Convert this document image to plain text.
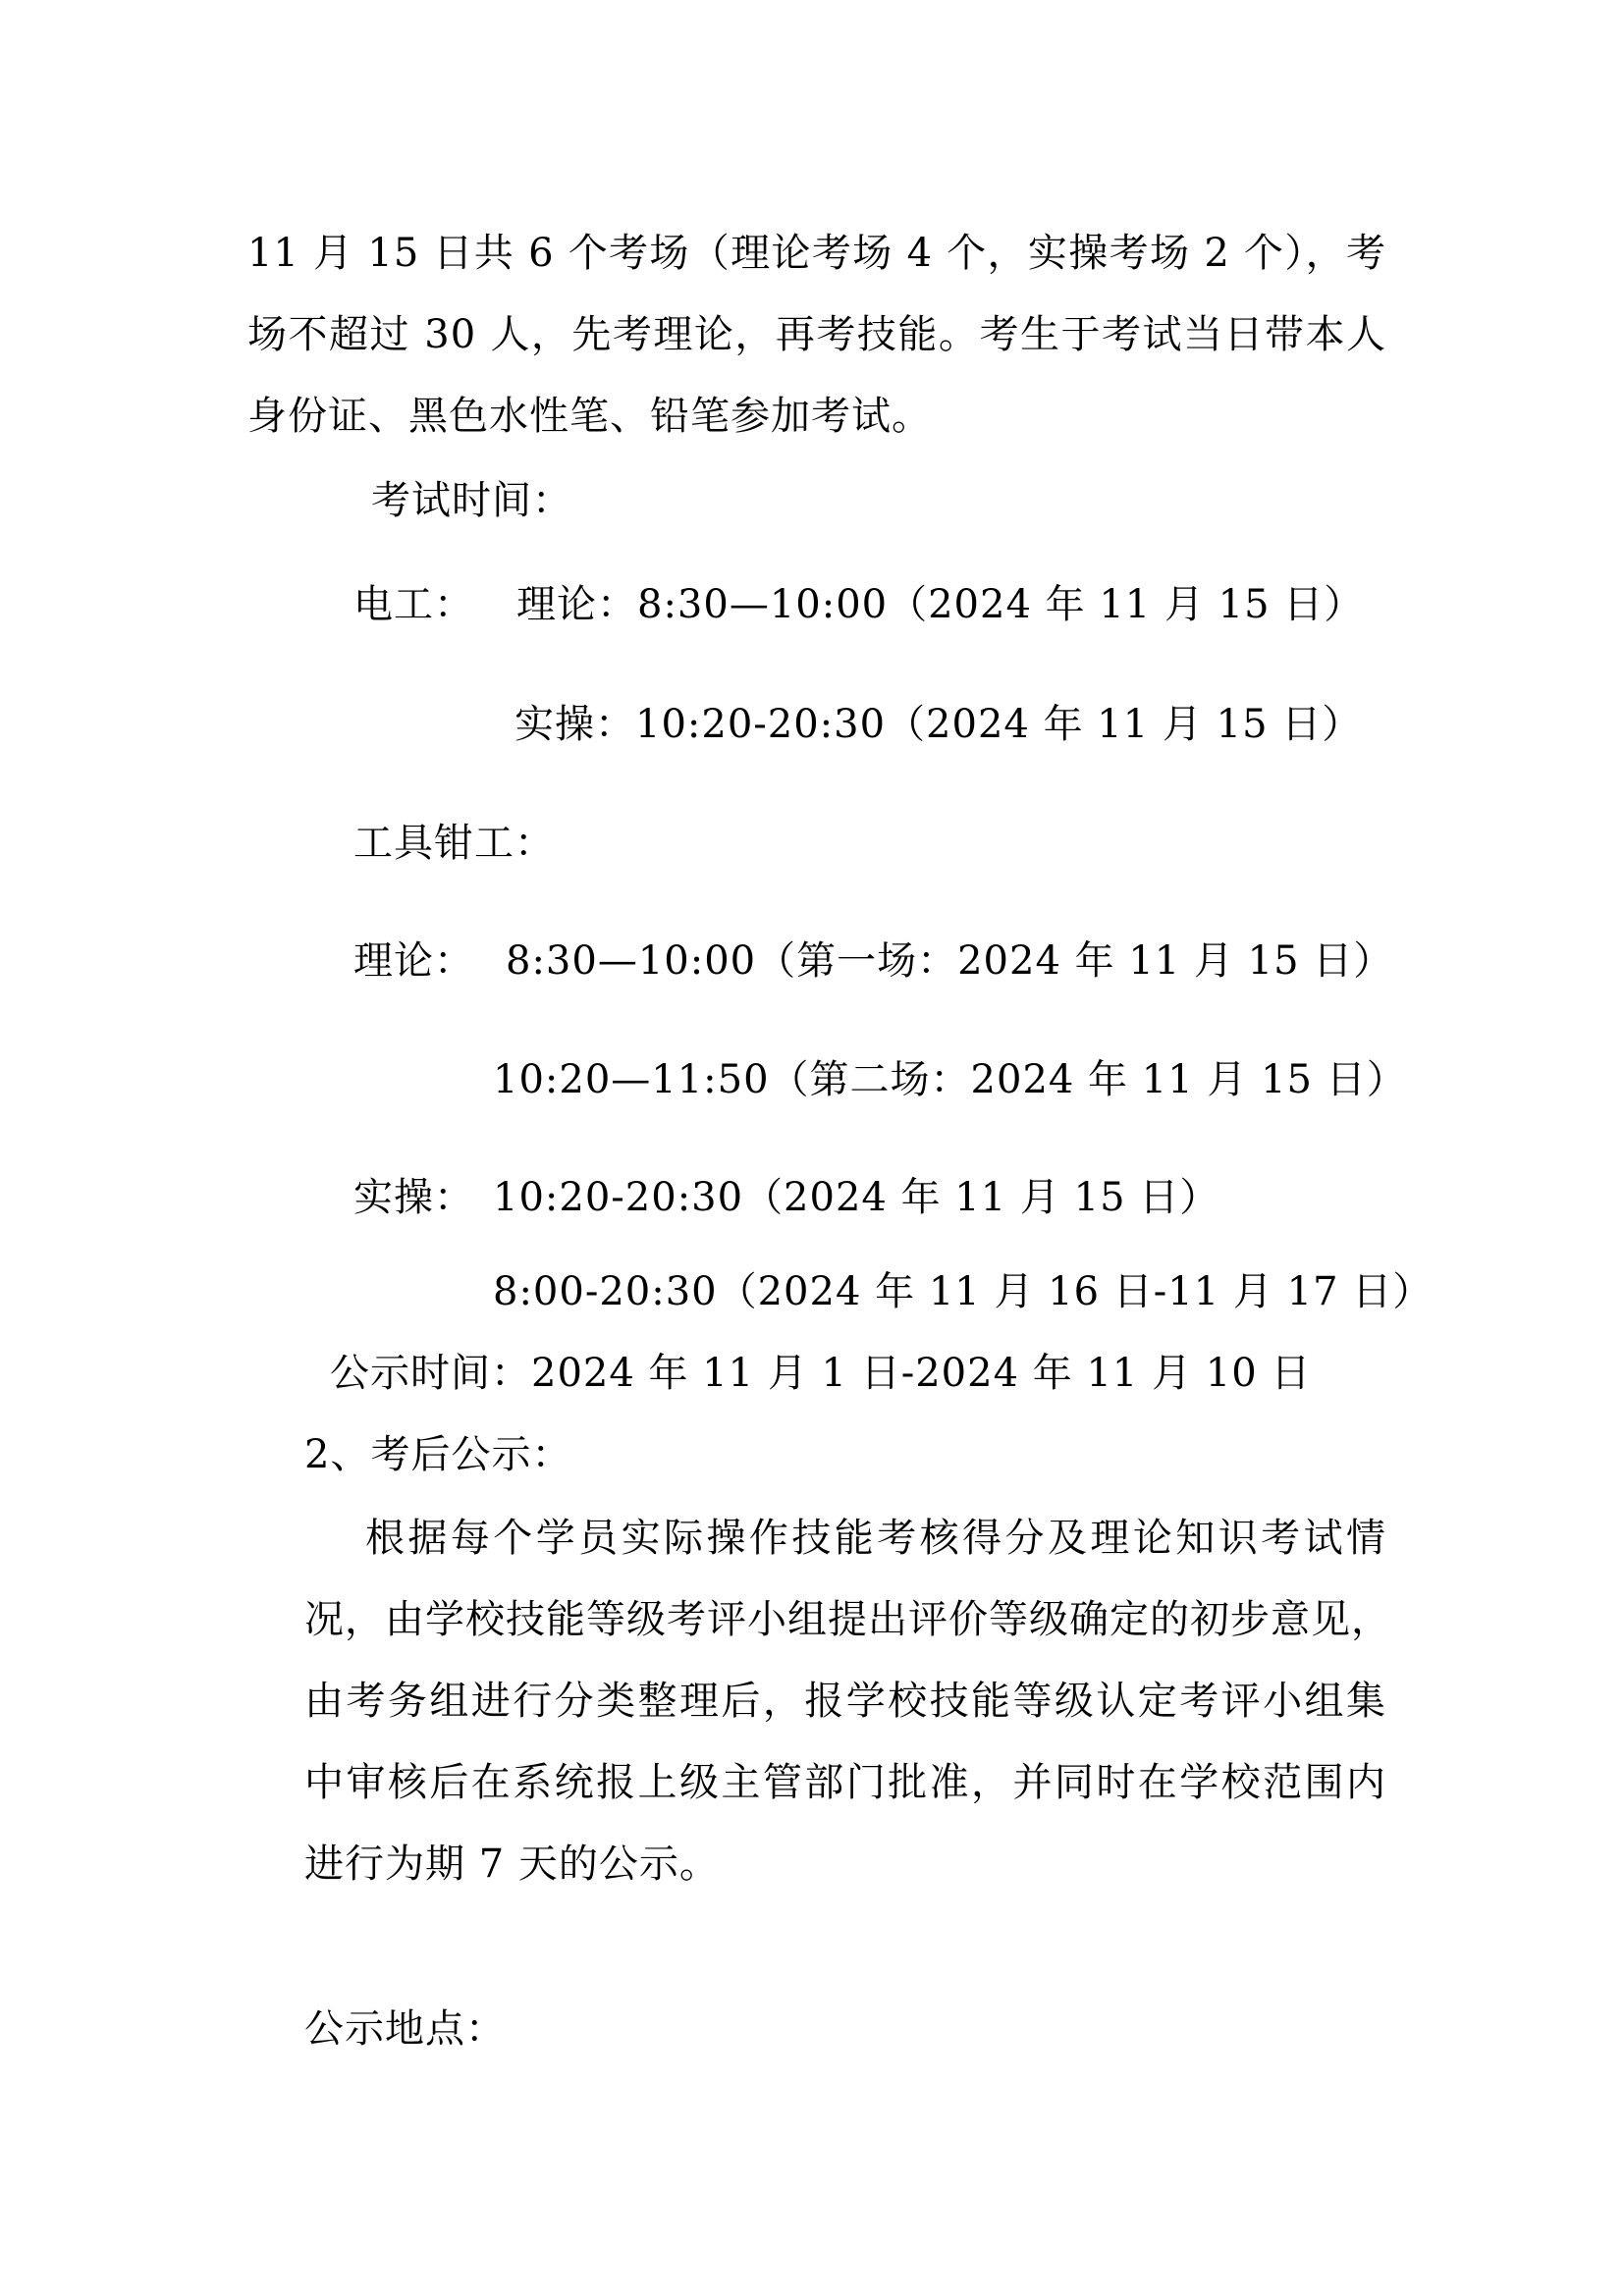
11 月 15 日共 6 个考场（理论考场 4 个，实操考场 2 个），考
场不超过 30 人，先考理论，再考技能。考生于考试当日带本人
身份证、黑色水性笔、铅笔参加考试。
考试时间：
电工： 理论：8:30—10:00（2024 年 11 月 15 日）
实操：10:20-20:30（2024 年 11 月 15 日）
工具钳工：
理论： 8:30—10:00（第一场：2024 年 11 月 15 日）
10:20—11:50（第二场：2024 年 11 月 15 日）
实操： 10:20-20:30（2024 年 11 月 15 日）
8:00-20:30（2024 年 11 月 16 日-11 月 17 日）
公示时间：2024 年 11 月 1 日-2024 年 11 月 10 日
2、考后公示：
根据每个学员实际操作技能考核得分及理论知识考试情
况，由学校技能等级考评小组提出评价等级确定的初步意见，
由考务组进行分类整理后，报学校技能等级认定考评小组集
中审核后在系统报上级主管部门批准，并同时在学校范围内
进行为期 7 天的公示。
公示地点：
